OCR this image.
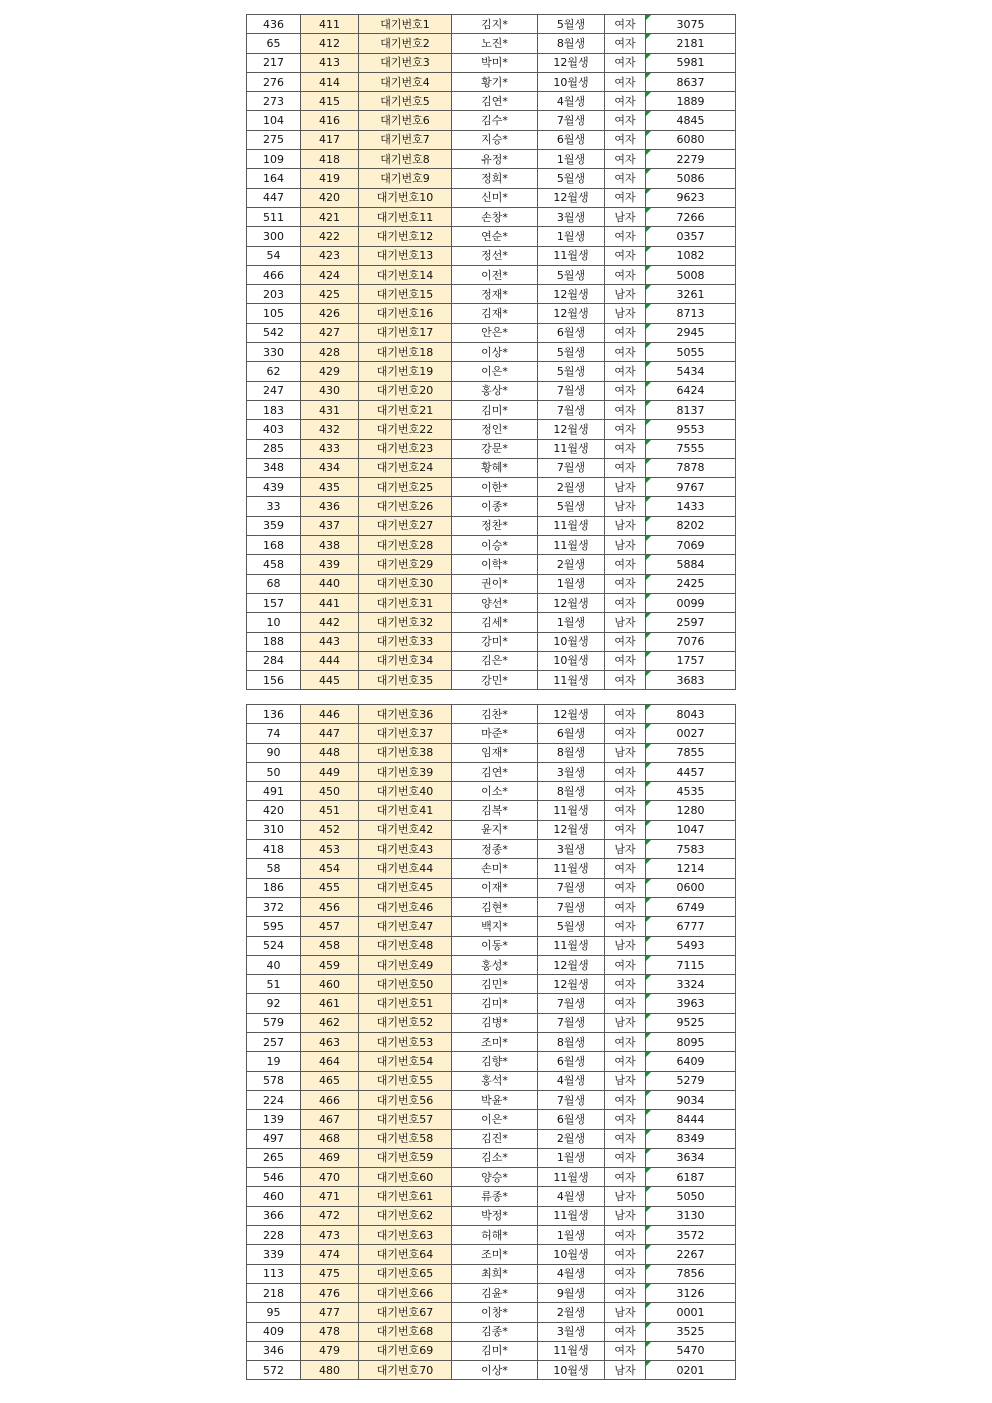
436	411	대기번호1	김지*	5월생	여자	3075
65	412	대기번호2	노진*	8월생	여자	2181
217	413	대기번호3	박미*	12월생	여자	5981
276	414	대기번호4	황기*	10월생	여자	8637
273	415	대기번호5	김연*	4월생	여자	1889
104	416	대기번호6	김수*	7월생	여자	4845
275	417	대기번호7	지승*	6월생	여자	6080
109	418	대기번호8	유정*	1월생	여자	2279
164	419	대기번호9	정희*	5월생	여자	5086
447	420	대기번호10	신미*	12월생	여자	9623
511	421	대기번호11	손창*	3월생	남자	7266
300	422	대기번호12	연순*	1월생	여자	0357
54	423	대기번호13	정선*	11월생	여자	1082
466	424	대기번호14	이전*	5월생	여자	5008
203	425	대기번호15	정재*	12월생	남자	3261
105	426	대기번호16	김재*	12월생	남자	8713
542	427	대기번호17	안은*	6월생	여자	2945
330	428	대기번호18	이상*	5월생	여자	5055
62	429	대기번호19	이은*	5월생	여자	5434
247	430	대기번호20	홍상*	7월생	여자	6424
183	431	대기번호21	김미*	7월생	여자	8137
403	432	대기번호22	정인*	12월생	여자	9553
285	433	대기번호23	강문*	11월생	여자	7555
348	434	대기번호24	황혜*	7월생	여자	7878
439	435	대기번호25	이한*	2월생	남자	9767
33	436	대기번호26	이종*	5월생	남자	1433
359	437	대기번호27	정찬*	11월생	남자	8202
168	438	대기번호28	이승*	11월생	남자	7069
458	439	대기번호29	이학*	2월생	여자	5884
68	440	대기번호30	권이*	1월생	여자	2425
157	441	대기번호31	양선*	12월생	여자	0099
10	442	대기번호32	김세*	1월생	남자	2597
188	443	대기번호33	강미*	10월생	여자	7076
284	444	대기번호34	김은*	10월생	여자	1757
156	445	대기번호35	강민*	11월생	여자	3683
136	446	대기번호36	김찬*	12월생	여자	8043
74	447	대기번호37	마준*	6월생	여자	0027
90	448	대기번호38	임재*	8월생	남자	7855
50	449	대기번호39	김연*	3월생	여자	4457
491	450	대기번호40	이소*	8월생	여자	4535
420	451	대기번호41	김복*	11월생	여자	1280
310	452	대기번호42	윤지*	12월생	여자	1047
418	453	대기번호43	정종*	3월생	남자	7583
58	454	대기번호44	손미*	11월생	여자	1214
186	455	대기번호45	이재*	7월생	여자	0600
372	456	대기번호46	김현*	7월생	여자	6749
595	457	대기번호47	백지*	5월생	여자	6777
524	458	대기번호48	이동*	11월생	남자	5493
40	459	대기번호49	홍성*	12월생	여자	7115
51	460	대기번호50	김민*	12월생	여자	3324
92	461	대기번호51	김미*	7월생	여자	3963
579	462	대기번호52	김병*	7월생	남자	9525
257	463	대기번호53	조미*	8월생	여자	8095
19	464	대기번호54	김향*	6월생	여자	6409
578	465	대기번호55	홍석*	4월생	남자	5279
224	466	대기번호56	박윤*	7월생	여자	9034
139	467	대기번호57	이은*	6월생	여자	8444
497	468	대기번호58	김진*	2월생	여자	8349
265	469	대기번호59	김소*	1월생	여자	3634
546	470	대기번호60	양승*	11월생	여자	6187
460	471	대기번호61	류종*	4월생	남자	5050
366	472	대기번호62	박정*	11월생	남자	3130
228	473	대기번호63	허해*	1월생	여자	3572
339	474	대기번호64	조미*	10월생	여자	2267
113	475	대기번호65	최희*	4월생	여자	7856
218	476	대기번호66	김윤*	9월생	여자	3126
95	477	대기번호67	이창*	2월생	남자	0001
409	478	대기번호68	김종*	3월생	여자	3525
346	479	대기번호69	김미*	11월생	여자	5470
572	480	대기번호70	이상*	10월생	남자	0201
